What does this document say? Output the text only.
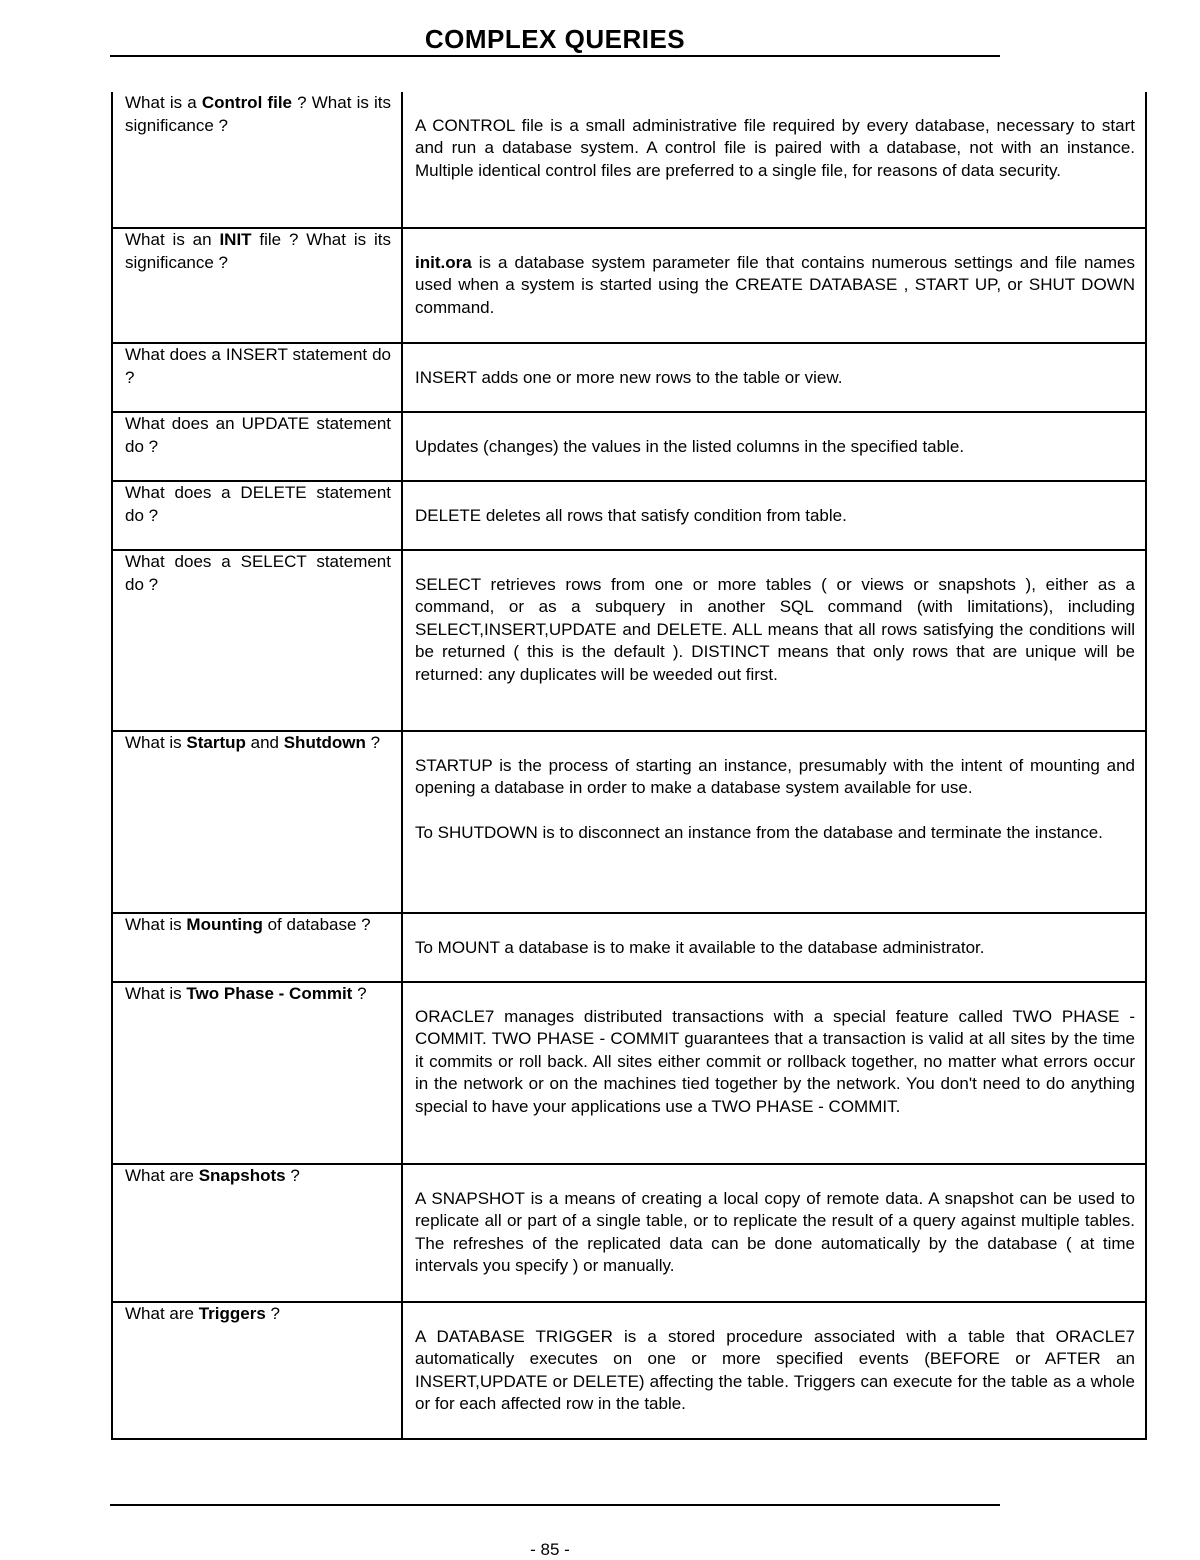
COMPLEX QUERIES
What is a Control file ? What is its significance ?	A CONTROL file is a small administrative file required by every database, necessary to start and run a database system. A control file is paired with a database, not with an instance. Multiple identical control files are preferred to a single file, for reasons of data security.

What is an INIT file ? What is its significance ?	init.ora is a database system parameter file that contains numerous settings and file names used when a system is started using the CREATE DATABASE , START UP, or SHUT DOWN command.

What does a INSERT statement do ?	INSERT adds one or more new rows to the table or view.

What does an UPDATE statement do ?	Updates (changes) the values in the listed columns in the specified table.

What does a DELETE statement do ?	DELETE deletes all rows that satisfy condition from table.

What does a SELECT statement do ?	SELECT retrieves rows from one or more tables ( or views or snapshots ), either as a command, or as a subquery in another SQL command (with limitations), including SELECT,INSERT,UPDATE and DELETE. ALL means that all rows satisfying the conditions will be returned ( this is the default ). DISTINCT means that only rows that are unique will be returned: any duplicates will be weeded out first.

What is Startup and Shutdown ?	STARTUP is the process of starting an instance, presumably with the intent of mounting and opening a database in order to make a database system available for use.

To SHUTDOWN is to disconnect an instance from the database and terminate the instance.

What is Mounting of database ?	To MOUNT a database is to make it available to the database administrator.

What is Two Phase - Commit ?	ORACLE7 manages distributed transactions with a special feature called TWO PHASE - COMMIT. TWO PHASE - COMMIT guarantees that a transaction is valid at all sites by the time it commits or roll back. All sites either commit or rollback together, no matter what errors occur in the network or on the machines tied together by the network. You don't need to do anything special to have your applications use a TWO PHASE - COMMIT.

What are Snapshots ?	A SNAPSHOT is a means of creating a local copy of remote data. A snapshot can be used to replicate all or part of a single table, or to replicate the result of a query against multiple tables. The refreshes of the replicated data can be done automatically by the database ( at time intervals you specify ) or manually.

What are Triggers ?	A DATABASE TRIGGER is a stored procedure associated with a table that ORACLE7 automatically executes on one or more specified events (BEFORE or AFTER an INSERT,UPDATE or DELETE) affecting the table. Triggers can execute for the table as a whole or for each affected row in the table.

- 85 -
